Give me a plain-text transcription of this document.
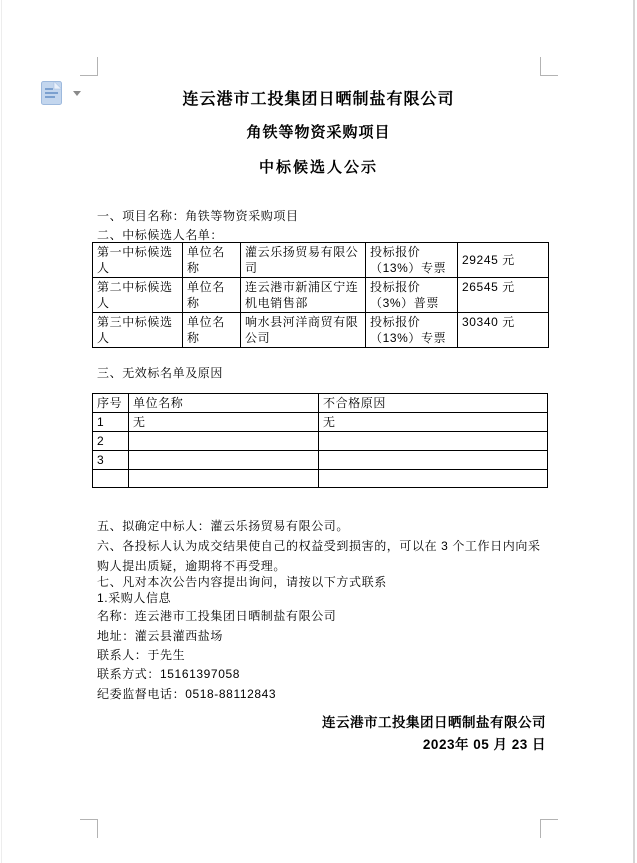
连云港市工投集团日晒制盐有限公司
角铁等物资采购项目
中标候选人公示

一、项目名称：角铁等物资采购项目

二、中标候选人名单：

第一中标候选人	单位名称	灌云乐扬贸易有限公司	投标报价（13%）专票	29245 元
第二中标候选人	单位名称	连云港市新浦区宁连机电销售部	投标报价（3%）普票	26545 元
第三中标候选人	单位名称	响水县河洋商贸有限公司	投标报价（13%）专票	30340 元

三、无效标名单及原因

序号	单位名称	不合格原因
1	无	无
2		
3		

五、拟确定中标人：灌云乐扬贸易有限公司。

六、各投标人认为成交结果使自己的权益受到损害的，可以在 3 个工作日内向采购人提出质疑，逾期将不再受理。

七、凡对本次公告内容提出询问，请按以下方式联系

1.采购人信息

名称：连云港市工投集团日晒制盐有限公司

地址：灌云县灌西盐场

联系人：于先生

联系方式：15161397058

纪委监督电话：0518-88112843

连云港市工投集团日晒制盐有限公司

2023年 05 月 23 日
